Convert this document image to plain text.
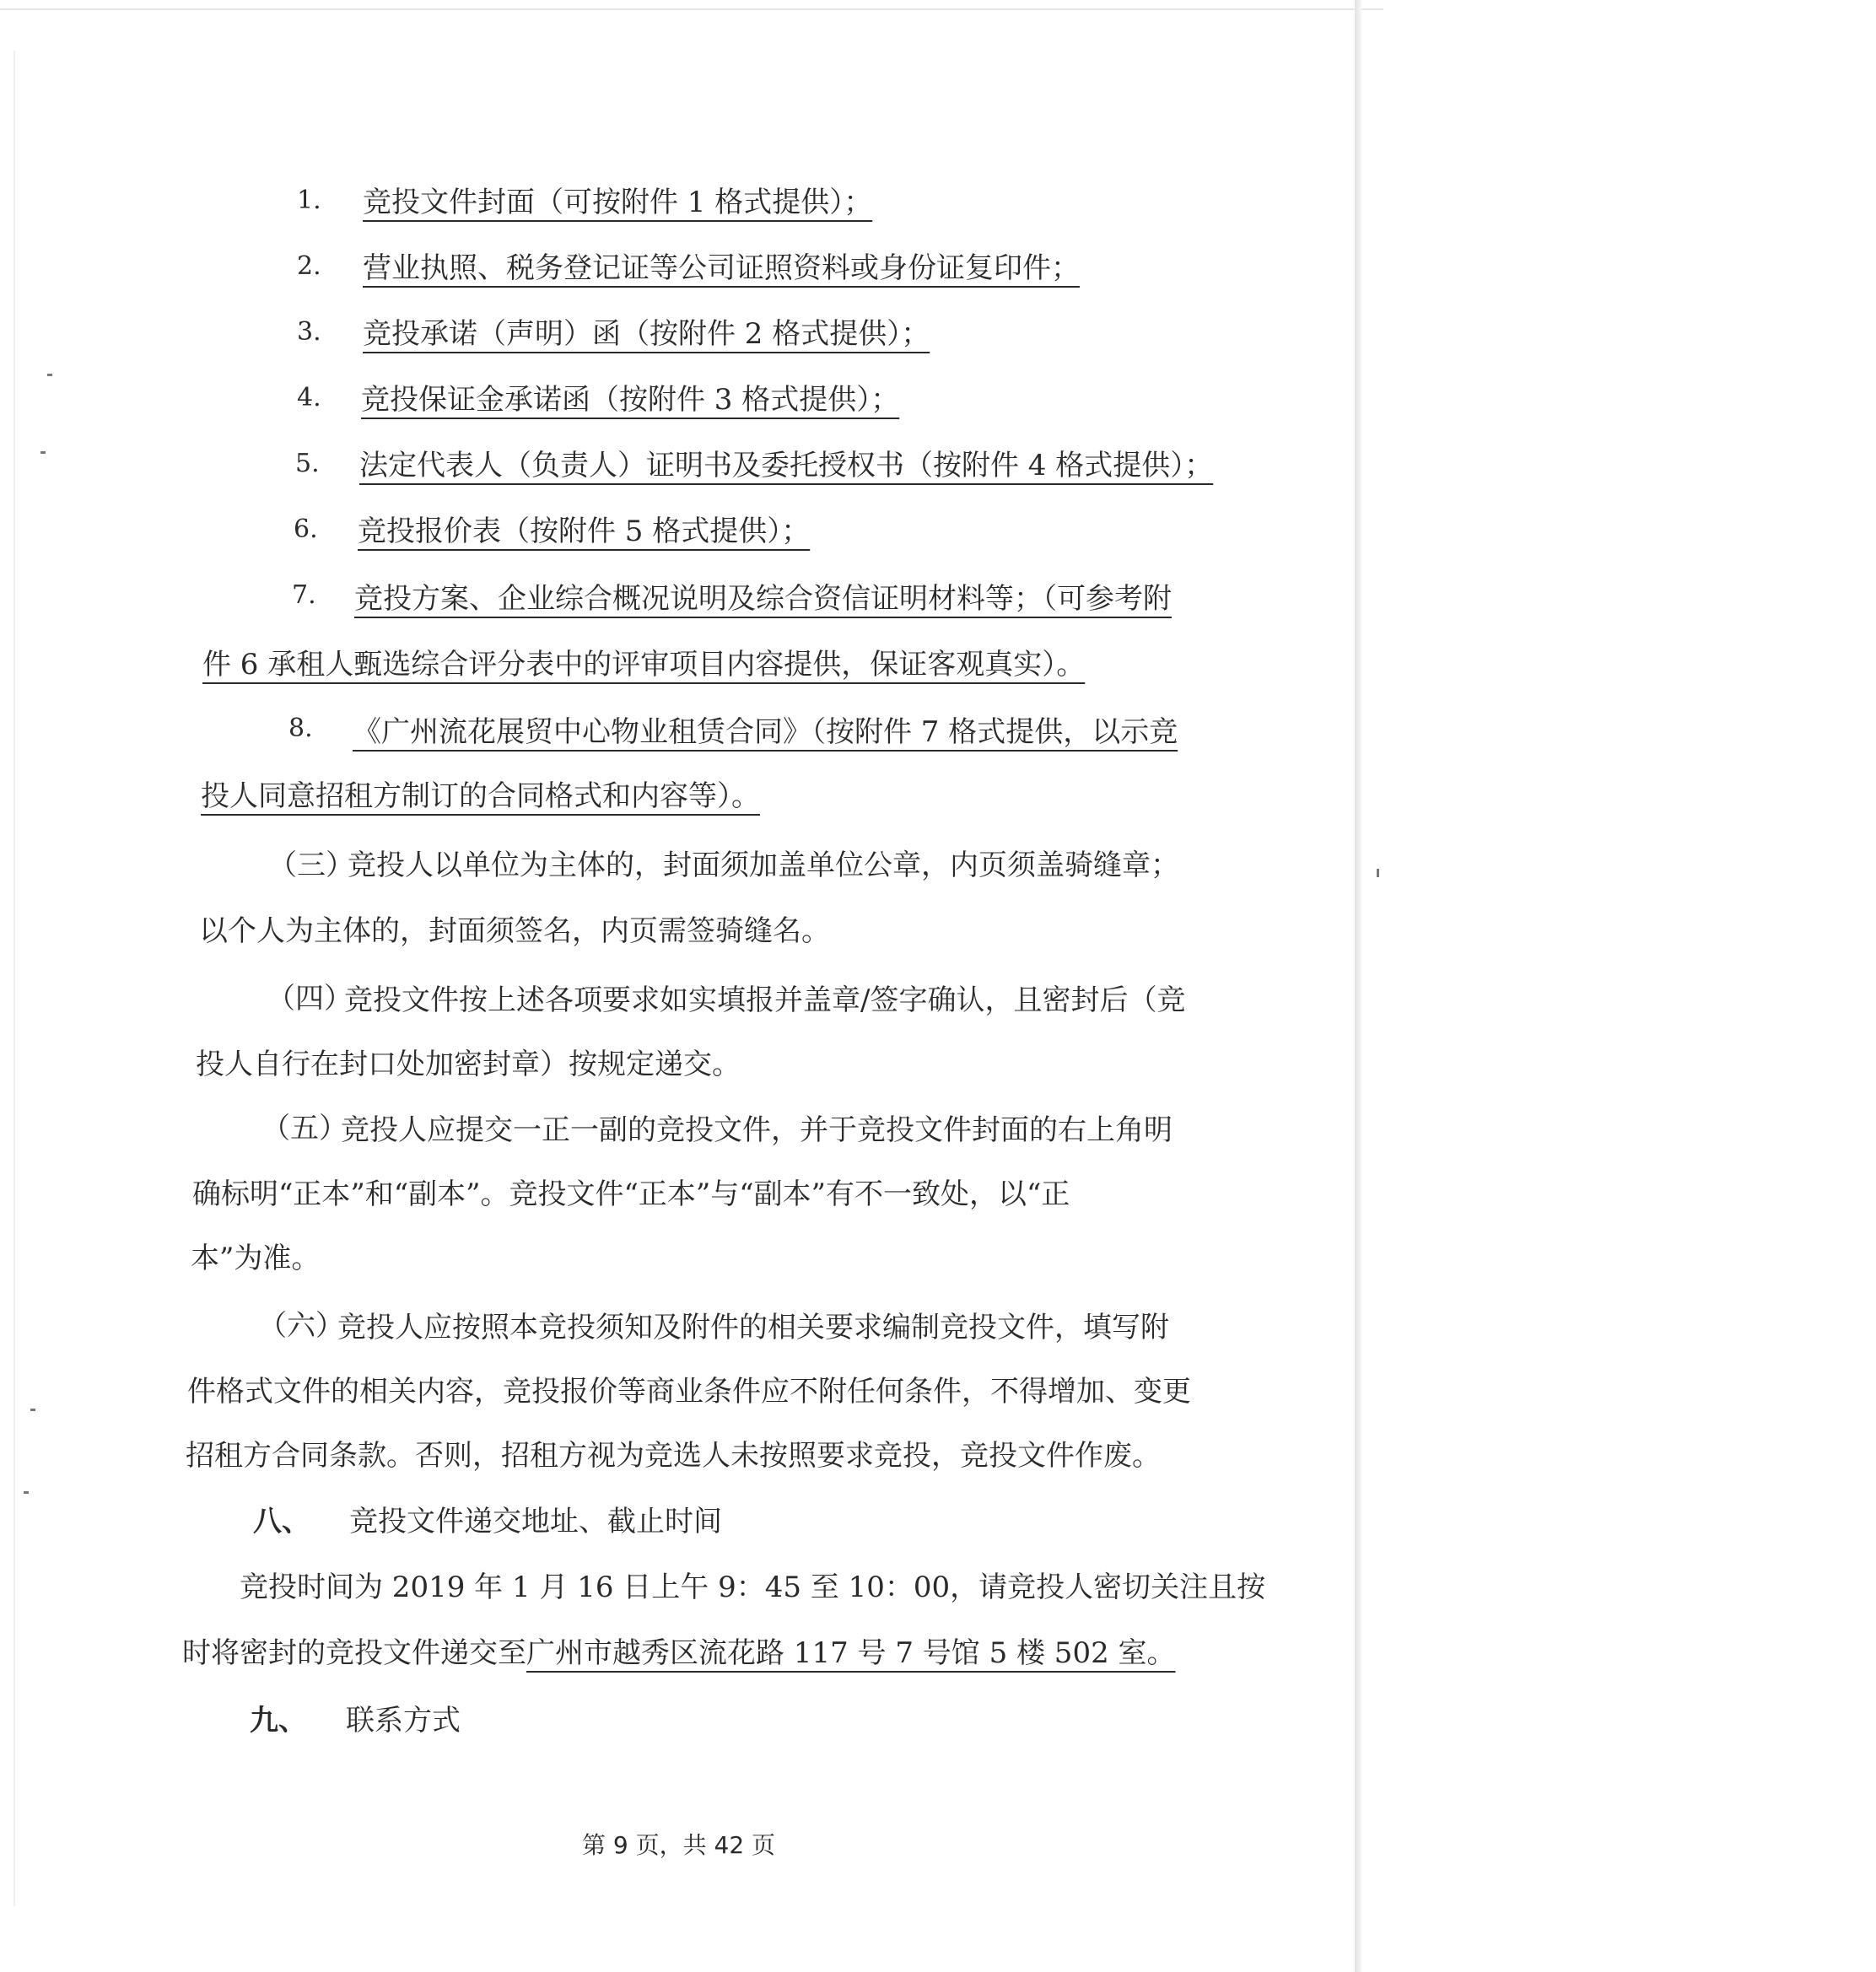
1. 竞投文件封面（可按附件 1 格式提供）；
2. 营业执照、税务登记证等公司证照资料或身份证复印件；
3. 竞投承诺（声明）函（按附件 2 格式提供）；
4. 竞投保证金承诺函（按附件 3 格式提供）；
5. 法定代表人（负责人）证明书及委托授权书（按附件 4 格式提供）；
6. 竞投报价表（按附件 5 格式提供）；
7. 竞投方案、企业综合概况说明及综合资信证明材料等；（可参考附
件 6 承租人甄选综合评分表中的评审项目内容提供，保证客观真实）。
8. 《广州流花展贸中心物业租赁合同》（按附件 7 格式提供，以示竞
投人同意招租方制订的合同格式和内容等）。
（三）
竞投人以单位为主体的，封面须加盖单位公章，内页须盖骑缝章；
以个人为主体的，封面须签名，内页需签骑缝名。
（四）
竞投文件按上述各项要求如实填报并盖章/签字确认，且密封后（竞
投人自行在封口处加密封章）按规定递交。
（五）
竞投人应提交一正一副的竞投文件，并于竞投文件封面的右上角明
确标明“正本”和“副本”。竞投文件“正本”与“副本”有不一致处，以“正
本”为准。
（六）
竞投人应按照本竞投须知及附件的相关要求编制竞投文件，填写附
件格式文件的相关内容，竞投报价等商业条件应不附任何条件，不得增加、变更
招租方合同条款。否则，招租方视为竞选人未按照要求竞投，竞投文件作废。
八、 竞投文件递交地址、截止时间
竞投时间为 2019 年 1 月 16 日上午 9：45 至 10：00，请竞投人密切关注且按
时将密封的竞投文件递交至广州市越秀区流花路 117 号 7 号馆 5 楼 502 室。
九、 联系方式
第 9 页，共 42 页
